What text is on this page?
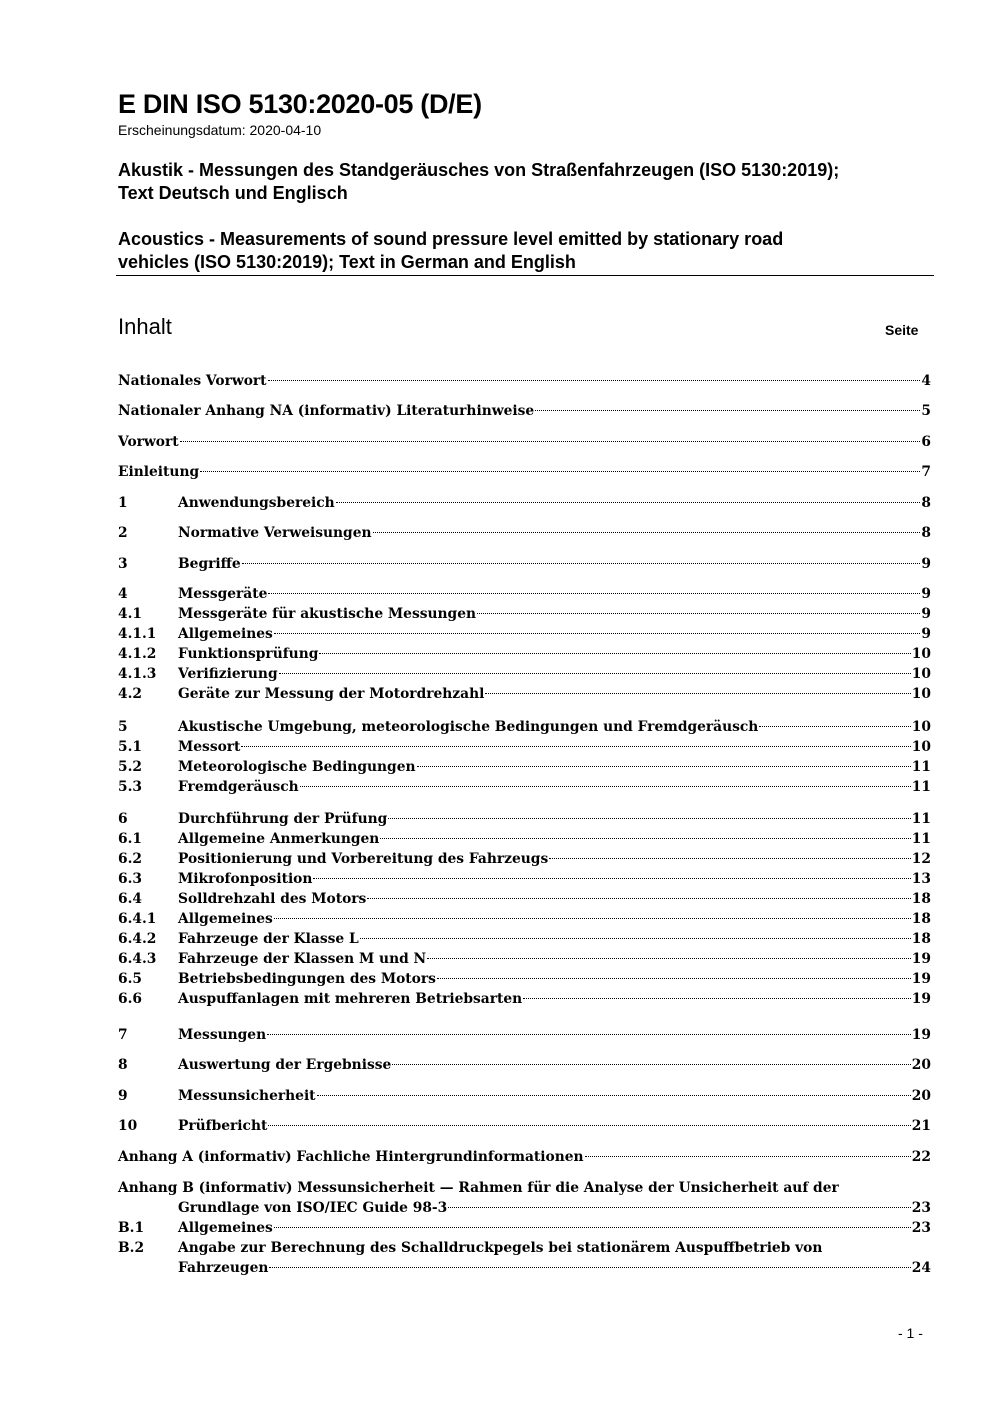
E DIN ISO 5130:2020-05 (D/E)
Erscheinungsdatum: 2020-04-10
Akustik - Messungen des Standgeräusches von Straßenfahrzeugen (ISO 5130:2019);
Text Deutsch und Englisch
Acoustics - Measurements of sound pressure level emitted by stationary road
vehicles (ISO 5130:2019); Text in German and English
Inhalt	Seite
Nationales Vorwort	4
Nationaler Anhang NA (informativ) Literaturhinweise	5
Vorwort	6
Einleitung	7
1	Anwendungsbereich	8
2	Normative Verweisungen	8
3	Begriffe	9
4	Messgeräte	9
4.1	Messgeräte für akustische Messungen	9
4.1.1	Allgemeines	9
4.1.2	Funktionsprüfung	10
4.1.3	Verifizierung	10
4.2	Geräte zur Messung der Motordrehzahl	10
5	Akustische Umgebung, meteorologische Bedingungen und Fremdgeräusch	10
5.1	Messort	10
5.2	Meteorologische Bedingungen	11
5.3	Fremdgeräusch	11
6	Durchführung der Prüfung	11
6.1	Allgemeine Anmerkungen	11
6.2	Positionierung und Vorbereitung des Fahrzeugs	12
6.3	Mikrofonposition	13
6.4	Solldrehzahl des Motors	18
6.4.1	Allgemeines	18
6.4.2	Fahrzeuge der Klasse L	18
6.4.3	Fahrzeuge der Klassen M und N	19
6.5	Betriebsbedingungen des Motors	19
6.6	Auspuffanlagen mit mehreren Betriebsarten	19
7	Messungen	19
8	Auswertung der Ergebnisse	20
9	Messunsicherheit	20
10	Prüfbericht	21
Anhang A (informativ) Fachliche Hintergrundinformationen	22
Anhang B (informativ) Messunsicherheit — Rahmen für die Analyse der Unsicherheit auf der
Grundlage von ISO/IEC Guide 98-3	23
B.1	Allgemeines	23
B.2	Angabe zur Berechnung des Schalldruckpegels bei stationärem Auspuffbetrieb von
Fahrzeugen	24
- 1 -
